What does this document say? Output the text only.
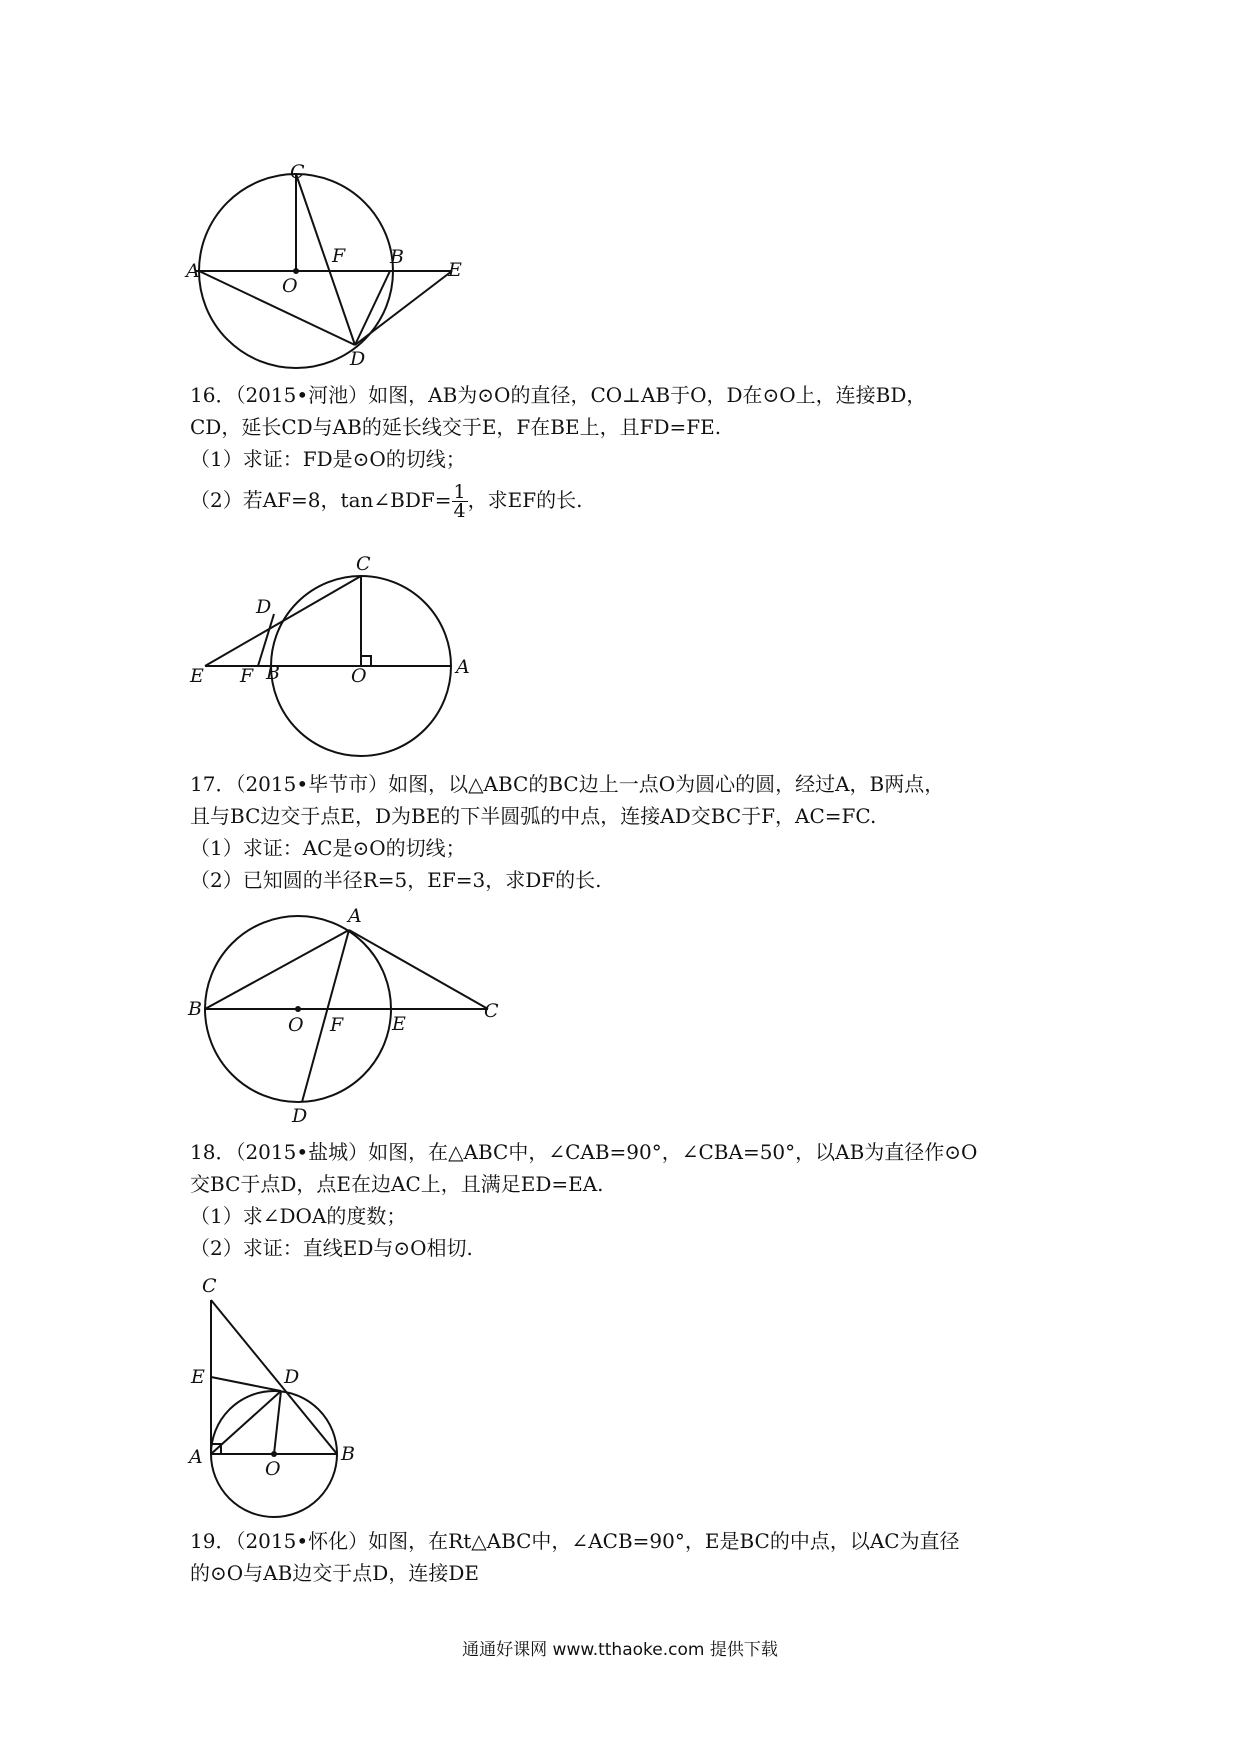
C
A
O
F B
E
D
16．（2015•河池）如图，AB为⊙O的直径，CO⊥AB于O，D在⊙O上，连接BD，
CD，延长CD与AB的延长线交于E，F在BE上，且FD=FE.
（1）求证：FD是⊙O的切线；
（2）若AF=8，tan∠BDF= $\frac{1}{4}$ ，求EF的长.
C
D
E F B	O	A
17．（2015•毕节市）如图，以△ABC的BC边上一点O为圆心的圆，经过A，B两点，
且与BC边交于点E，D为BE的下半圆弧的中点，连接AD交BC于F，AC=FC.
（1）求证：AC是⊙O的切线；
（2）已知圆的半径R=5，EF=3，求DF的长.
A
B
O F	E
C
D
18．（2015•盐城）如图，在△ABC中，∠CAB=90°，∠CBA=50°，以AB为直径作⊙O
交BC于点D，点E在边AC上，且满足ED=EA.
（1）求∠DOA的度数；
（2）求证：直线ED与⊙O相切.
C
E	D
A
O
B
19．（2015•怀化）如图，在Rt△ABC中，∠ACB=90°，E是BC的中点，以AC为直径
的⊙O与AB边交于点D，连接DE
通通好课网 www.tthaoke.com 提供下载
